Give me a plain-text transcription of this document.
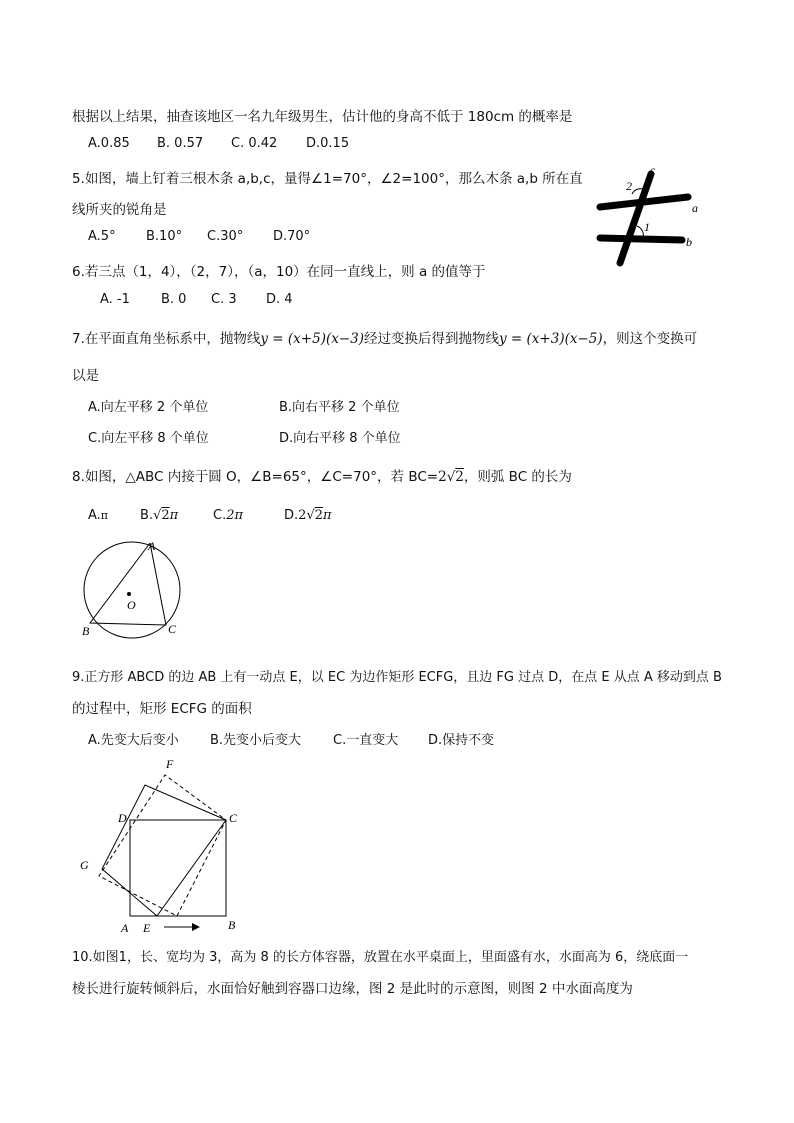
根据以上结果，抽查该地区一名九年级男生，估计他的身高不低于 180cm 的概率是
A.0.85 B. 0.57 C. 0.42 D.0.15
5.如图，墙上钉着三根木条 a,b,c，量得∠1=70°，∠2=100°，那么木条 a,b 所在直
线所夹的锐角是
A.5° B.10° C.30° D.70°
2
1
c
a
b
6.若三点（1，4），（2，7），（a，10）在同一直线上，则 a 的值等于
A. -1 B. 0 C. 3 D. 4
7.在平面直角坐标系中，抛物线y = (x+5)(x−3)经过变换后得到抛物线y = (x+3)(x−5)，则这个变换可
以是
A.向左平移 2 个单位	B.向右平移 2 个单位
C.向左平移 8 个单位	D.向右平移 8 个单位
8.如图，△ABC 内接于圆 O，∠B=65°，∠C=70°，若 BC=2√2，则弧 BC 的长为
A.π B.√2π	C.2π	D.2√2π
A
B	C
O
9.正方形 ABCD 的边 AB 上有一动点 E，以 EC 为边作矩形 ECFG，且边 FG 过点 D，在点 E 从点 A 移动到点 B
的过程中，矩形 ECFG 的面积
A.先变大后变小 B.先变小后变大 C.一直变大 D.保持不变
A	B
C
D
E
F
G
10.如图1，长、宽均为 3，高为 8 的长方体容器，放置在水平桌面上，里面盛有水，水面高为 6，绕底面一
棱长进行旋转倾斜后，水面恰好触到容器口边缘，图 2 是此时的示意图，则图 2 中水面高度为
